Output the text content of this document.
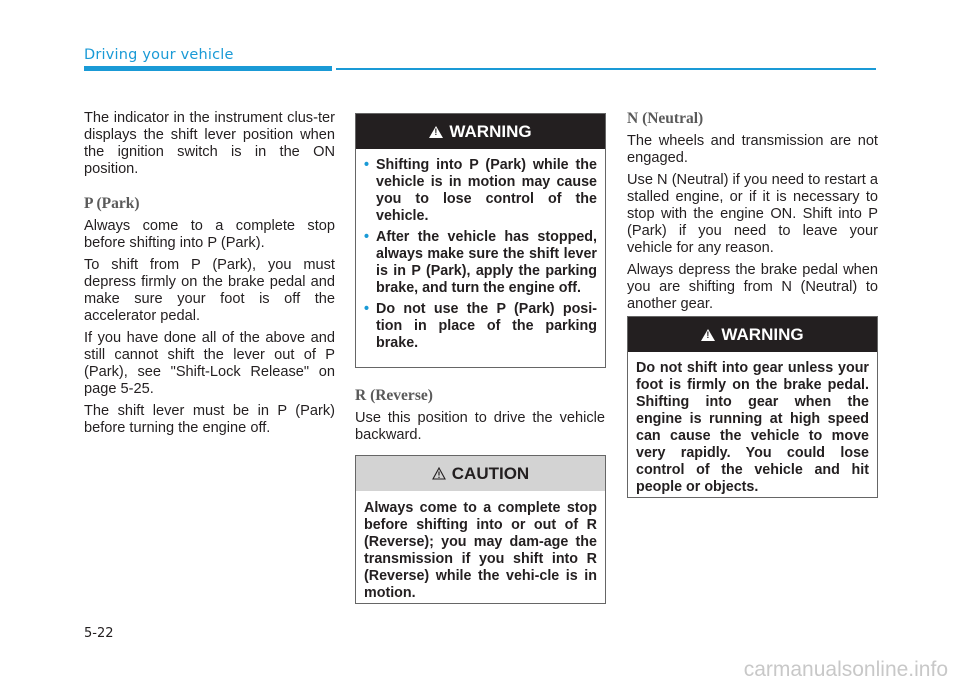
Driving your vehicle

The indicator in the instrument clus-ter displays the shift lever position when the ignition switch is in the ON position.

P (Park)

Always come to a complete stop before shifting into P (Park).

To shift from P (Park), you must depress firmly on the brake pedal and make sure your foot is off the accelerator pedal.

If you have done all of the above and still cannot shift the lever out of P (Park), see "Shift-Lock Release" on page 5-25.

The shift lever must be in P (Park) before turning the engine off.

!
WARNING
• Shifting into P (Park) while the vehicle is in motion may cause you to lose control of the vehicle.
• After the vehicle has stopped, always make sure the shift lever is in P (Park), apply the parking brake, and turn the engine off.
• Do not use the P (Park) posi-tion in place of the parking brake.
R (Reverse)

Use this position to drive the vehicle backward.

CAUTION
Always come to a complete stop before shifting into or out of R (Reverse); you may dam-age the transmission if you shift into R (Reverse) while the vehi-cle is in motion.
N (Neutral)

The wheels and transmission are not engaged.

Use N (Neutral) if you need to restart a stalled engine, or if it is necessary to stop with the engine ON. Shift into P (Park) if you need to leave your vehicle for any reason.

Always depress the brake pedal when you are shifting from N (Neutral) to another gear.

!
WARNING
Do not shift into gear unless your foot is firmly on the brake pedal. Shifting into gear when the engine is running at high speed can cause the vehicle to move very rapidly. You could lose control of the vehicle and hit people or objects.
5-22
carmanualsonline.info
